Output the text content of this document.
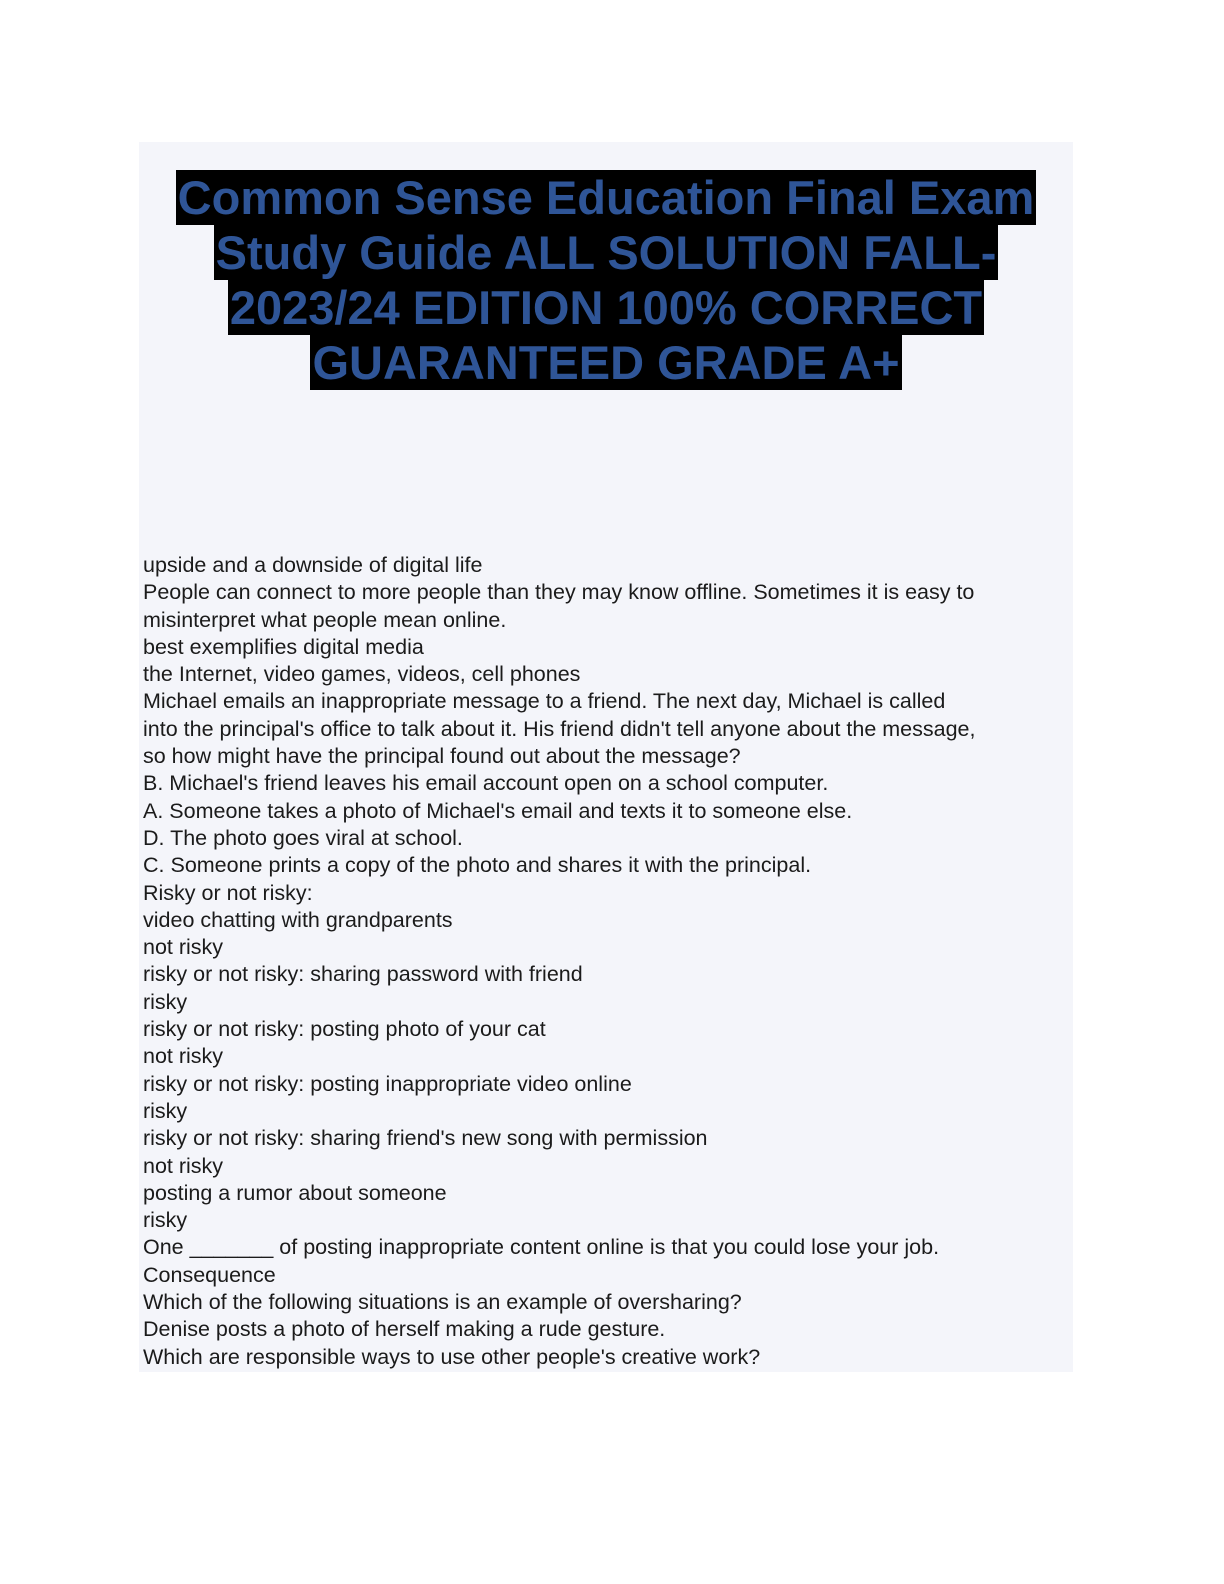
Common Sense Education Final Exam
Study Guide ALL SOLUTION FALL-
2023/24 EDITION 100% CORRECT
GUARANTEED GRADE A+
upside and a downside of digital life
People can connect to more people than they may know offline. Sometimes it is easy to
misinterpret what people mean online.
best exemplifies digital media
the Internet, video games, videos, cell phones
Michael emails an inappropriate message to a friend. The next day, Michael is called
into the principal's office to talk about it. His friend didn't tell anyone about the message,
so how might have the principal found out about the message?
B. Michael's friend leaves his email account open on a school computer.
A. Someone takes a photo of Michael's email and texts it to someone else.
D. The photo goes viral at school.
C. Someone prints a copy of the photo and shares it with the principal.
Risky or not risky:
video chatting with grandparents
not risky
risky or not risky: sharing password with friend
risky
risky or not risky: posting photo of your cat
not risky
risky or not risky: posting inappropriate video online
risky
risky or not risky: sharing friend's new song with permission
not risky
posting a rumor about someone
risky
One _______ of posting inappropriate content online is that you could lose your job.
Consequence
Which of the following situations is an example of oversharing?
Denise posts a photo of herself making a rude gesture.
Which are responsible ways to use other people's creative work?
